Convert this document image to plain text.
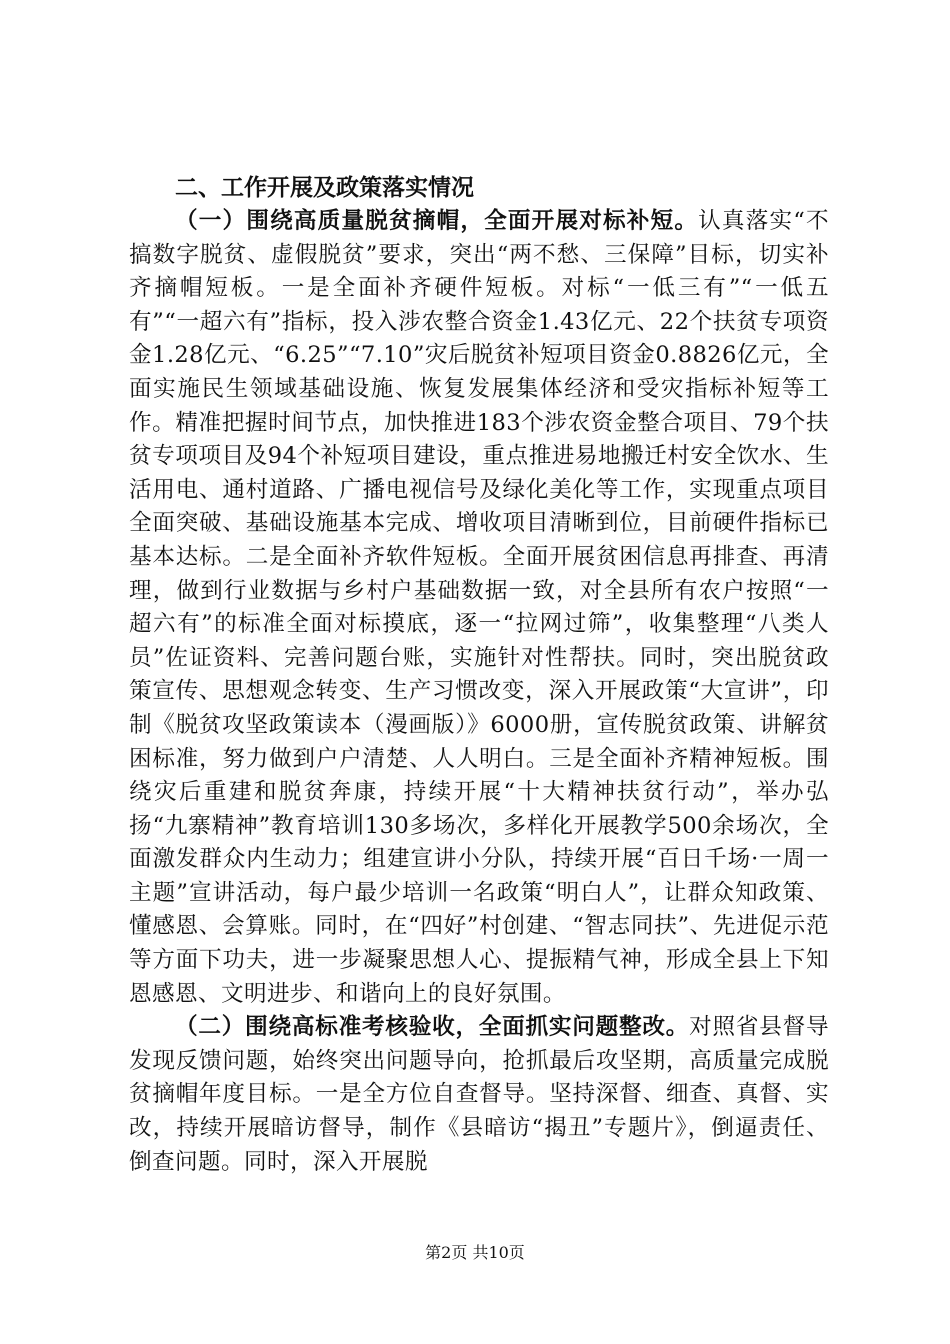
二、工作开展及政策落实情况

（一）围绕高质量脱贫摘帽，全面开展对标补短。认真落实“不搞数字脱贫、虚假脱贫”要求，突出“两不愁、三保障”目标，切实补齐摘帽短板。一是全面补齐硬件短板。对标“一低三有”“一低五有”“一超六有”指标，投入涉农整合资金1.43亿元、22个扶贫专项资金1.28亿元、“6.25”“7.10”灾后脱贫补短项目资金0.8826亿元，全面实施民生领域基础设施、恢复发展集体经济和受灾指标补短等工作。精准把握时间节点，加快推进183个涉农资金整合项目、79个扶贫专项项目及94个补短项目建设，重点推进易地搬迁村安全饮水、生活用电、通村道路、广播电视信号及绿化美化等工作，实现重点项目全面突破、基础设施基本完成、增收项目清晰到位，目前硬件指标已基本达标。二是全面补齐软件短板。全面开展贫困信息再排查、再清理，做到行业数据与乡村户基础数据一致，对全县所有农户按照“一超六有”的标准全面对标摸底，逐一“拉网过筛”，收集整理“八类人员”佐证资料、完善问题台账，实施针对性帮扶。同时，突出脱贫政策宣传、思想观念转变、生产习惯改变，深入开展政策“大宣讲”，印制《脱贫攻坚政策读本（漫画版）》6000册，宣传脱贫政策、讲解贫困标准，努力做到户户清楚、人人明白。三是全面补齐精神短板。围绕灾后重建和脱贫奔康，持续开展“十大精神扶贫行动”，举办弘扬“九寨精神”教育培训130多场次，多样化开展教学500余场次，全面激发群众内生动力；组建宣讲小分队，持续开展“百日千场·一周一主题”宣讲活动，每户最少培训一名政策“明白人”，让群众知政策、懂感恩、会算账。同时，在“四好”村创建、“智志同扶”、先进促示范等方面下功夫，进一步凝聚思想人心、提振精气神，形成全县上下知恩感恩、文明进步、和谐向上的良好氛围。

（二）围绕高标准考核验收，全面抓实问题整改。对照省县督导发现反馈问题，始终突出问题导向，抢抓最后攻坚期，高质量完成脱贫摘帽年度目标。一是全方位自查督导。坚持深督、细查、真督、实改，持续开展暗访督导，制作《县暗访“揭丑”专题片》，倒逼责任、倒查问题。同时，深入开展脱

第2页 共10页
